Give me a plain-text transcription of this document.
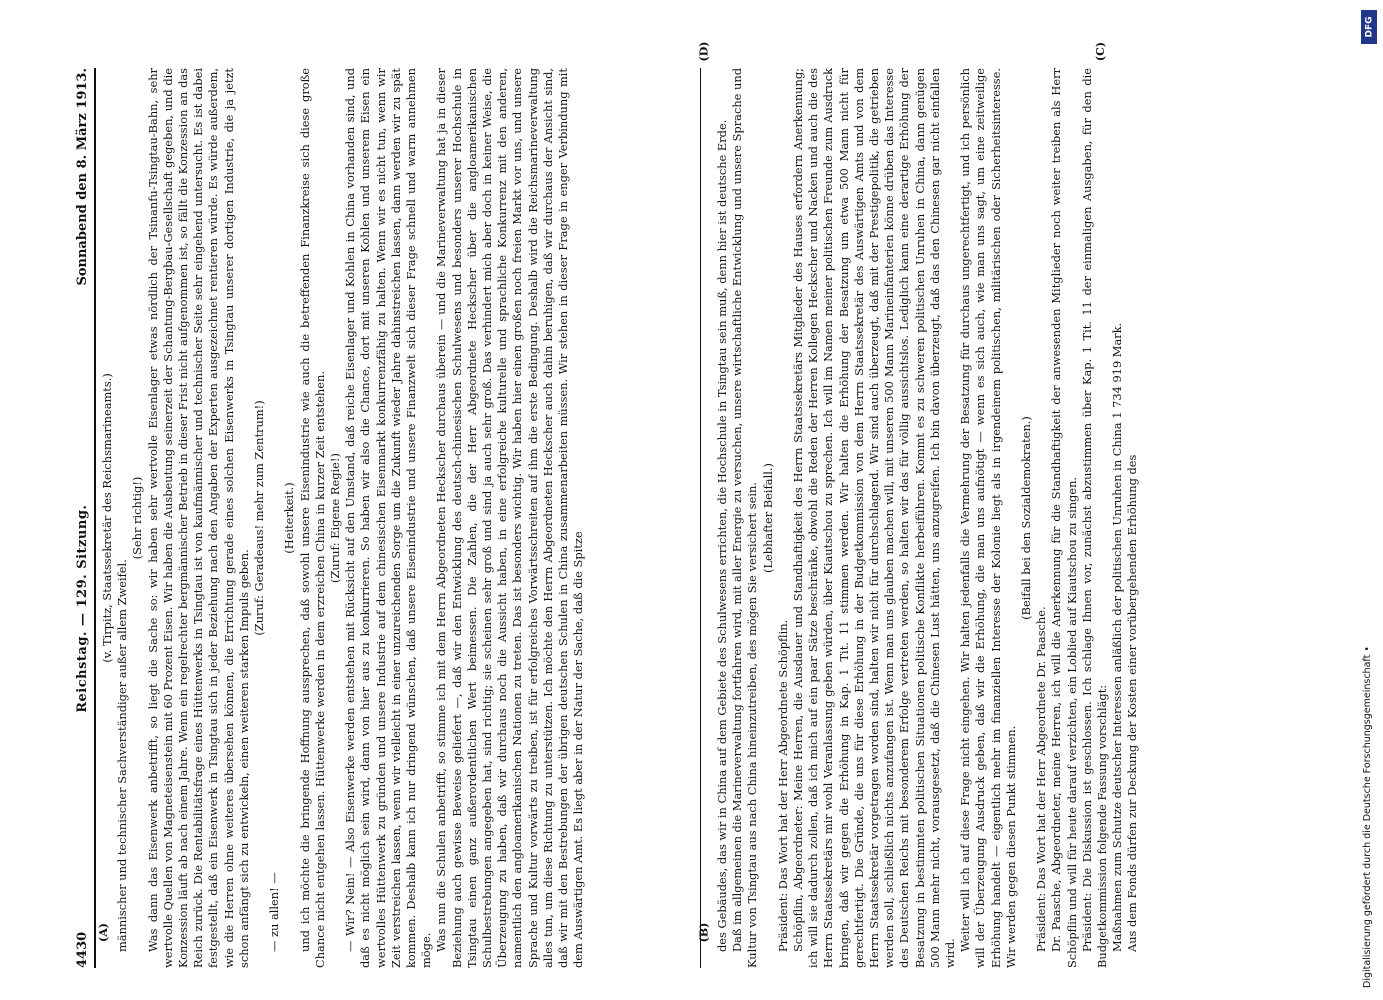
4430
Reichstag. — 129. Sitzung.
Sonnabend den 8. März 1913.

(v. Tirpitz, Staatssekretär des Reichsmarineamts.)

männischer und technischer Sachverständiger außer allem Zweifel.

(Sehr richtig!) Was dann das Eisenwerk anbetrifft, so liegt die Sache so: wir haben sehr wertvolle Eisenlager etwas nördlich der Tsinanfu-Tsingtau-Bahn, sehr wertvolle Quellen von Magneteisenstein mit 60 Prozent Eisen. Wir haben die Ausbeutung seinerzeit der Schantung-Bergbau-Gesellschaft gegeben, und die Konzession läuft ab nach einem Jahre. Wenn ein regelrechter bergmännischer Betrieb in dieser Frist nicht aufgenommen ist, so fällt die Konzession an das Reich zurück. Die Rentabilitätsfrage eines Hüttenwerks in Tsingtau ist von kaufmännischer und technischer Seite sehr eingehend untersucht. Es ist dabei festgestellt, daß ein Eisenwerk in Tsingtau sich in jeder Beziehung nach den Angaben der Experten ausgezeichnet rentieren würde. Es würde außerdem, wie die Herren ohne weiteres übersehen können, die Errichtung gerade eines solchen Eisenwerks in Tsingtau unserer dortigen Industrie, die ja jetzt schon anfängt sich zu entwickeln, einen weiteren starken Impuls geben.

(Zuruf: Geradeaus! mehr zum Zentrum!)

— zu allen! —

(Heiterkeit.) und ich möchte die bringende Hoffnung aussprechen, daß sowohl unsere Eisenindustrie wie auch die betreffenden Finanzkreise sich diese große Chance nicht entgehen lassen. Hüttenwerke werden in dem erzreichen China in kurzer Zeit entstehen. (Zuruf: Eigene Regie!) — Wir? Nein! — Also Eisenwerke werden entstehen mit Rücksicht auf den Umstand, daß reiche Eisenlager und Kohlen in China vorhanden sind, und daß es nicht möglich sein wird, dann von hier aus zu konkurrieren. So haben wir also die Chance, dort mit unseren Kohlen und unserem Eisen ein wertvolles Hüttenwerk zu gründen und unsere Industrie auf dem chinesischen Eisenmarkt konkurrenzfähig zu halten. Wenn wir es nicht tun, wenn wir Zeit verstreichen lassen, wenn wir vielleicht in einer unzureichenden Sorge um die Zukunft wieder Jahre dahinstreichen lassen, dann werden wir zu spät kommen. Deshalb kann ich nur dringend wünschen, daß unsere Eisenindustrie und unsere Finanzwelt sich dieser Frage schnell und warm annehmen möge. Was nun die Schulen anbetrifft, so stimme ich mit dem Herrn Abgeordneten Heckscher durchaus überein — und die Marineverwaltung hat ja in dieser Beziehung auch gewisse Beweise geliefert —, daß wir den Entwicklung des deutsch-chinesischen Schulwesens und besonders unserer Hochschule in Tsingtau einen ganz außerordentlichen Wert beimessen. Die Zahlen, die der Herr Abgeordnete Heckscher über die angloamerikanischen Schulbestrebungen angegeben hat, sind richtig; sie scheinen sehr groß und sind ja auch sehr groß. Das verhindert mich aber doch in keiner Weise, die Überzeugung zu haben, daß wir durchaus noch die Aussicht haben, in eine erfolgreiche kulturelle und sprachliche Konkurrenz mit den anderen, namentlich den angloamerikanischen Nationen zu treten. Das ist besonders wichtig. Wir haben hier einen großen noch freien Markt vor uns, und unsere Sprache und Kultur vorwärts zu treiben, ist für erfolgreiches Vorwärtsschreiten auf ihm die erste Bedingung. Deshalb wird die Reichsmarineverwaltung alles tun, um diese Richtung zu unterstützen. Ich möchte den Herrn Abgeordneten Heckscher auch dahin beruhigen, daß wir durchaus der Ansicht sind, daß wir mit den Bestrebungen der übrigen deutschen Schulen in China zusammenarbeiten müssen. Wir stehen in dieser Frage in enger Verbindung mit dem Auswärtigen Amt. Es liegt aber in der Natur der Sache, daß die Spitze	des Gebäudes, das wir in China auf dem Gebiete des Schulwesens errichten, die Hochschule in Tsingtau sein muß, denn hier ist deutsche Erde. Daß im allgemeinen die Marineverwaltung fortfahren wird, mit aller Energie zu versuchen, unsere wirtschaftliche Entwicklung und unsere Sprache und Kultur von Tsingtau aus nach China hineinzutreiben, des mögen Sie versichert sein. (Lebhafter Beifall.)

Präsident: Das Wort hat der Herr Abgeordnete Schöpflin. Schöpflin, Abgeordneter: Meine Herren, die Ausdauer und Standhaftigkeit des Herrn Staatssekretärs Mitglieder des Hauses erfordern Anerkennung; ich will sie dadurch zollen, daß ich mich auf ein paar Sätze beschränke, obwohl die Reden der Herren Kollegen Heckscher und Nacken und auch die des Herrn Staatssekretärs mir wohl Veranlassung geben würden, über Kiautschou zu sprechen. Ich will im Namen meiner politischen Freunde zum Ausdruck bringen, daß wir gegen die Erhöhung in Kap. 1 Tit. 11 stimmen werden. Wir halten die Erhöhung der Besatzung um etwa 500 Mann nicht für gerechtfertigt. Die Gründe, die uns für diese Erhöhung in der Budgetkommission von dem Herrn Staatssekretär des Auswärtigen Amts und von dem Herrn Staatssekretär vorgetragen worden sind, halten wir nicht für durchschlagend. Wir sind auch überzeugt, daß mit der Prestigepolitik, die getrieben werden soll, schließlich nichts anzufangen ist. Wenn man uns glauben machen will, mit unseren 500 Mann Marineinfanterien könne drüben das Interesse des Deutschen Reichs mit besonderem Erfolge vertreten werden, so halten wir das für völlig aussichtslos. Lediglich kann eine derartige Erhöhung der Besatzung in bestimmten politischen Situationen politische Konflikte herbeiführen. Kommt es zu schweren politischen Unruhen in China, dann genügen 500 Mann mehr nicht, vorausgesetzt, daß die Chinesen Lust hätten, uns anzugreifen. Ich bin davon überzeugt, daß das den Chinesen gar nicht einfallen wird.

Weiter will ich auf diese Frage nicht eingehen. Wir halten jedenfalls die Vermehrung der Besatzung für durchaus ungerechtfertigt, und ich persönlich will der Überzeugung Ausdruck geben, daß wir die Erhöhung, die man uns aufnötigt — wenn es sich auch, wie man uns sagt, um eine zeitweilige Erhöhung handelt — eigentlich mehr im finanziellen Interesse der Kolonie liegt als in irgendeinem politischen, militärischen oder Sicherheitsinteresse. Wir werden gegen diesen Punkt stimmen.

(Beifall bei den Sozialdemokraten.)

Präsident: Das Wort hat der Herr Abgeordnete Dr. Paasche. Dr. Paasche, Abgeordneter, meine Herren, ich will die Anerkennung für die Standhaftigkeit der anwesenden Mitglieder noch weiter treiben als Herr Schöpflin und will für heute darauf verzichten, ein Loblied auf Kiautschou zu singen. Präsident: Die Diskussion ist geschlossen. Ich schlage Ihnen vor, zunächst abzustimmen über Kap. 1 Tit. 11 der einmaligen Ausgaben, für den die Budgetkommission folgende Fassung vorschlägt: Maßnahmen zum Schutze deutscher Interessen anläßlich der politischen Unruhen in China 1 734 919 Mark. Aus dem Fonds dürfen zur Deckung der Kosten einer vorübergehenden Erhöhung des

(A)	(B)
(C)
(D)
Digitalisierung gefördert durch die Deutsche Forschungsgemeinschaft •
DFG
